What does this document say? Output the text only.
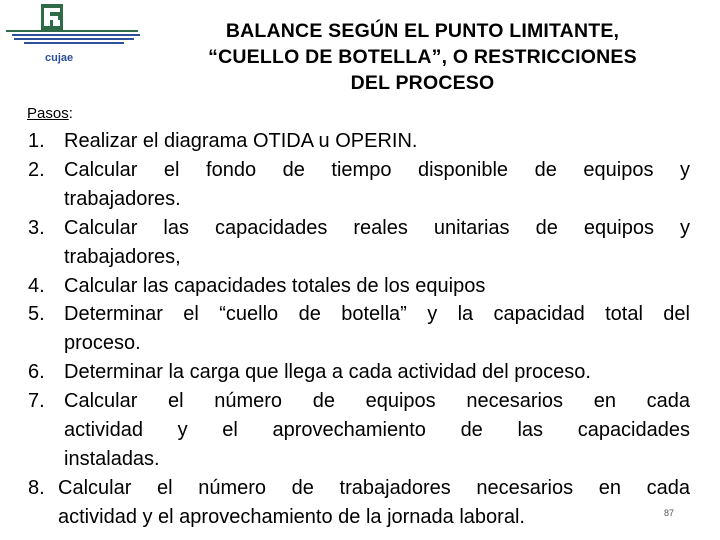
cujae
BALANCE SEGÚN EL PUNTO LIMITANTE,
“CUELLO DE BOTELLA”, O RESTRICCIONES
DEL PROCESO
Pasos:
1. Realizar el diagrama OTIDA u OPERIN.
2. Calcular el fondo de tiempo disponible de equipos y
trabajadores.
3. Calcular las capacidades reales unitarias de equipos y
trabajadores,
4. Calcular las capacidades totales de los equipos
5. Determinar el “cuello de botella” y la capacidad total del
proceso.
6. Determinar la carga que llega a cada actividad del proceso.
7. Calcular el número de equipos necesarios en cada
actividad y el aprovechamiento de las capacidades
instaladas.
8. Calcular el número de trabajadores necesarios en cada
actividad y el aprovechamiento de la jornada laboral.	87
